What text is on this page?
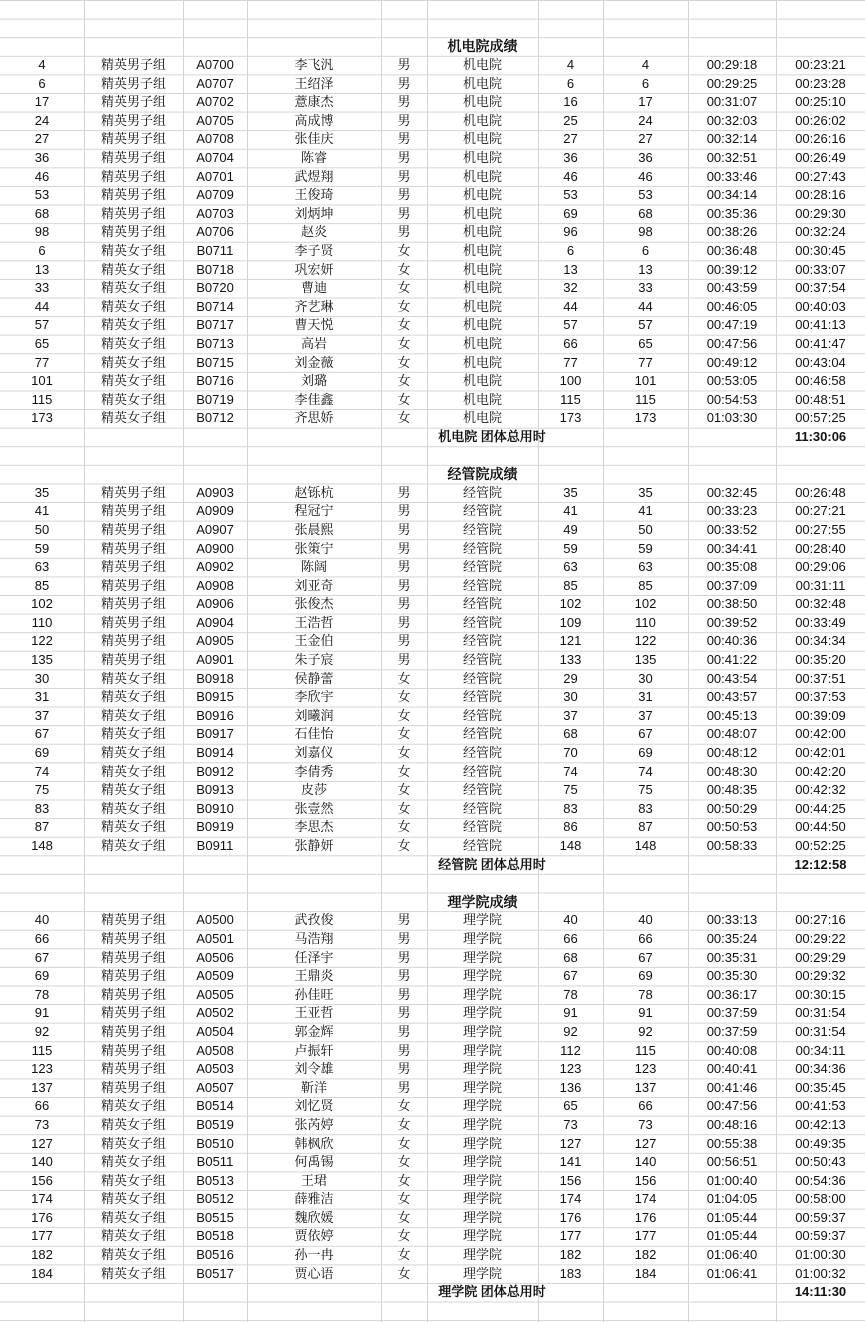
					机电院成绩				
4	精英男子组	A0700	李飞汎	男	机电院	4	4	00:29:18	00:23:21
6	精英男子组	A0707	王绍泽	男	机电院	6	6	00:29:25	00:23:28
17	精英男子组	A0702	薏康杰	男	机电院	16	17	00:31:07	00:25:10
24	精英男子组	A0705	高成博	男	机电院	25	24	00:32:03	00:26:02
27	精英男子组	A0708	张佳庆	男	机电院	27	27	00:32:14	00:26:16
36	精英男子组	A0704	陈睿	男	机电院	36	36	00:32:51	00:26:49
46	精英男子组	A0701	武煜翔	男	机电院	46	46	00:33:46	00:27:43
53	精英男子组	A0709	王俊琦	男	机电院	53	53	00:34:14	00:28:16
68	精英男子组	A0703	刘炳坤	男	机电院	69	68	00:35:36	00:29:30
98	精英男子组	A0706	赵炎	男	机电院	96	98	00:38:26	00:32:24
6	精英女子组	B0711	李子贤	女	机电院	6	6	00:36:48	00:30:45
13	精英女子组	B0718	巩宏妍	女	机电院	13	13	00:39:12	00:33:07
33	精英女子组	B0720	曹迪	女	机电院	32	33	00:43:59	00:37:54
44	精英女子组	B0714	齐艺琳	女	机电院	44	44	00:46:05	00:40:03
57	精英女子组	B0717	曹天悦	女	机电院	57	57	00:47:19	00:41:13
65	精英女子组	B0713	高岩	女	机电院	66	65	00:47:56	00:41:47
77	精英女子组	B0715	刘金薇	女	机电院	77	77	00:49:12	00:43:04
101	精英女子组	B0716	刘璐	女	机电院	100	101	00:53:05	00:46:58
115	精英女子组	B0719	李佳鑫	女	机电院	115	115	00:54:53	00:48:51
173	精英女子组	B0712	齐思娇	女	机电院	173	173	01:03:30	00:57:25
				机电院 团体总用时					11:30:06

					经管院成绩				
35	精英男子组	A0903	赵铄杭	男	经管院	35	35	00:32:45	00:26:48
41	精英男子组	A0909	程冠宁	男	经管院	41	41	00:33:23	00:27:21
50	精英男子组	A0907	张晨熙	男	经管院	49	50	00:33:52	00:27:55
59	精英男子组	A0900	张策宁	男	经管院	59	59	00:34:41	00:28:40
63	精英男子组	A0902	陈阔	男	经管院	63	63	00:35:08	00:29:06
85	精英男子组	A0908	刘亚奇	男	经管院	85	85	00:37:09	00:31:11
102	精英男子组	A0906	张俊杰	男	经管院	102	102	00:38:50	00:32:48
110	精英男子组	A0904	王浩哲	男	经管院	109	110	00:39:52	00:33:49
122	精英男子组	A0905	王金伯	男	经管院	121	122	00:40:36	00:34:34
135	精英男子组	A0901	朱子宸	男	经管院	133	135	00:41:22	00:35:20
30	精英女子组	B0918	侯静蕾	女	经管院	29	30	00:43:54	00:37:51
31	精英女子组	B0915	李欣宇	女	经管院	30	31	00:43:57	00:37:53
37	精英女子组	B0916	刘曦润	女	经管院	37	37	00:45:13	00:39:09
67	精英女子组	B0917	石佳怡	女	经管院	68	67	00:48:07	00:42:00
69	精英女子组	B0914	刘嘉仪	女	经管院	70	69	00:48:12	00:42:01
74	精英女子组	B0912	李倩秀	女	经管院	74	74	00:48:30	00:42:20
75	精英女子组	B0913	皮莎	女	经管院	75	75	00:48:35	00:42:32
83	精英女子组	B0910	张壹然	女	经管院	83	83	00:50:29	00:44:25
87	精英女子组	B0919	李思杰	女	经管院	86	87	00:50:53	00:44:50
148	精英女子组	B0911	张静妍	女	经管院	148	148	00:58:33	00:52:25
				经管院 团体总用时					12:12:58

					理学院成绩				
40	精英男子组	A0500	武孜俊	男	理学院	40	40	00:33:13	00:27:16
66	精英男子组	A0501	马浩翔	男	理学院	66	66	00:35:24	00:29:22
67	精英男子组	A0506	任泽宇	男	理学院	68	67	00:35:31	00:29:29
69	精英男子组	A0509	王鼎炎	男	理学院	67	69	00:35:30	00:29:32
78	精英男子组	A0505	孙佳旺	男	理学院	78	78	00:36:17	00:30:15
91	精英男子组	A0502	王亚哲	男	理学院	91	91	00:37:59	00:31:54
92	精英男子组	A0504	郭金辉	男	理学院	92	92	00:37:59	00:31:54
115	精英男子组	A0508	卢振轩	男	理学院	112	115	00:40:08	00:34:11
123	精英男子组	A0503	刘令雄	男	理学院	123	123	00:40:41	00:34:36
137	精英男子组	A0507	靳洋	男	理学院	136	137	00:41:46	00:35:45
66	精英女子组	B0514	刘忆贤	女	理学院	65	66	00:47:56	00:41:53
73	精英女子组	B0519	张芮婷	女	理学院	73	73	00:48:16	00:42:13
127	精英女子组	B0510	韩枫欣	女	理学院	127	127	00:55:38	00:49:35
140	精英女子组	B0511	何禹锡	女	理学院	141	140	00:56:51	00:50:43
156	精英女子组	B0513	王珺	女	理学院	156	156	01:00:40	00:54:36
174	精英女子组	B0512	薛雅洁	女	理学院	174	174	01:04:05	00:58:00
176	精英女子组	B0515	魏欣媛	女	理学院	176	176	01:05:44	00:59:37
177	精英女子组	B0518	贾依婷	女	理学院	177	177	01:05:44	00:59:37
182	精英女子组	B0516	孙一冉	女	理学院	182	182	01:06:40	01:00:30
184	精英女子组	B0517	贾心语	女	理学院	183	184	01:06:41	01:00:32
				理学院 团体总用时					14:11:30
